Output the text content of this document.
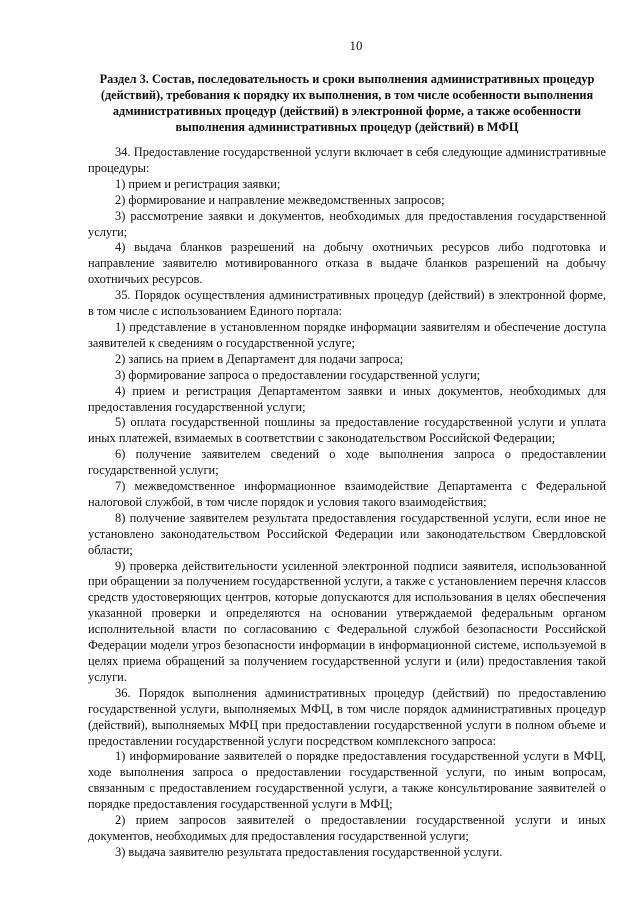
10
Раздел 3. Состав, последовательность и сроки выполнения административных процедур (действий), требования к порядку их выполнения, в том числе особенности выполнения административных процедур (действий) в электронной форме, а также особенности выполнения административных процедур (действий) в МФЦ

34. Предоставление государственной услуги включает в себя следующие административные процедуры:

1) прием и регистрация заявки;

2) формирование и направление межведомственных запросов;

3) рассмотрение заявки и документов, необходимых для предоставления государственной услуги;

4) выдача бланков разрешений на добычу охотничьих ресурсов либо подготовка и направление заявителю мотивированного отказа в выдаче бланков разрешений на добычу охотничьих ресурсов.

35. Порядок осуществления административных процедур (действий) в электронной форме, в том числе с использованием Единого портала:

1) представление в установленном порядке информации заявителям и обеспечение доступа заявителей к сведениям о государственной услуге;

2) запись на прием в Департамент для подачи запроса;

3) формирование запроса о предоставлении государственной услуги;

4) прием и регистрация Департаментом заявки и иных документов, необходимых для предоставления государственной услуги;

5) оплата государственной пошлины за предоставление государственной услуги и уплата иных платежей, взимаемых в соответствии с законодательством Российской Федерации;

6) получение заявителем сведений о ходе выполнения запроса о предоставлении государственной услуги;

7) межведомственное информационное взаимодействие Департамента с Федеральной налоговой службой, в том числе порядок и условия такого взаимодействия;

8) получение заявителем результата предоставления государственной услуги, если иное не установлено законодательством Российской Федерации или законодательством Свердловской области;

9) проверка действительности усиленной электронной подписи заявителя, использованной при обращении за получением государственной услуги, а также с установлением перечня классов средств удостоверяющих центров, которые допускаются для использования в целях обеспечения указанной проверки и определяются на основании утверждаемой федеральным органом исполнительной власти по согласованию с Федеральной службой безопасности Российской Федерации модели угроз безопасности информации в информационной системе, используемой в целях приема обращений за получением государственной услуги и (или) предоставления такой услуги.

36. Порядок выполнения административных процедур (действий) по предоставлению государственной услуги, выполняемых МФЦ, в том числе порядок административных процедур (действий), выполняемых МФЦ при предоставлении государственной услуги в полном объеме и предоставлении государственной услуги посредством комплексного запроса:

1) информирование заявителей о порядке предоставления государственной услуги в МФЦ, ходе выполнения запроса о предоставлении государственной услуги, по иным вопросам, связанным с предоставлением государственной услуги, а также консультирование заявителей о порядке предоставления государственной услуги в МФЦ;

2) прием запросов заявителей о предоставлении государственной услуги и иных документов, необходимых для предоставления государственной услуги;

3) выдача заявителю результата предоставления государственной услуги.
